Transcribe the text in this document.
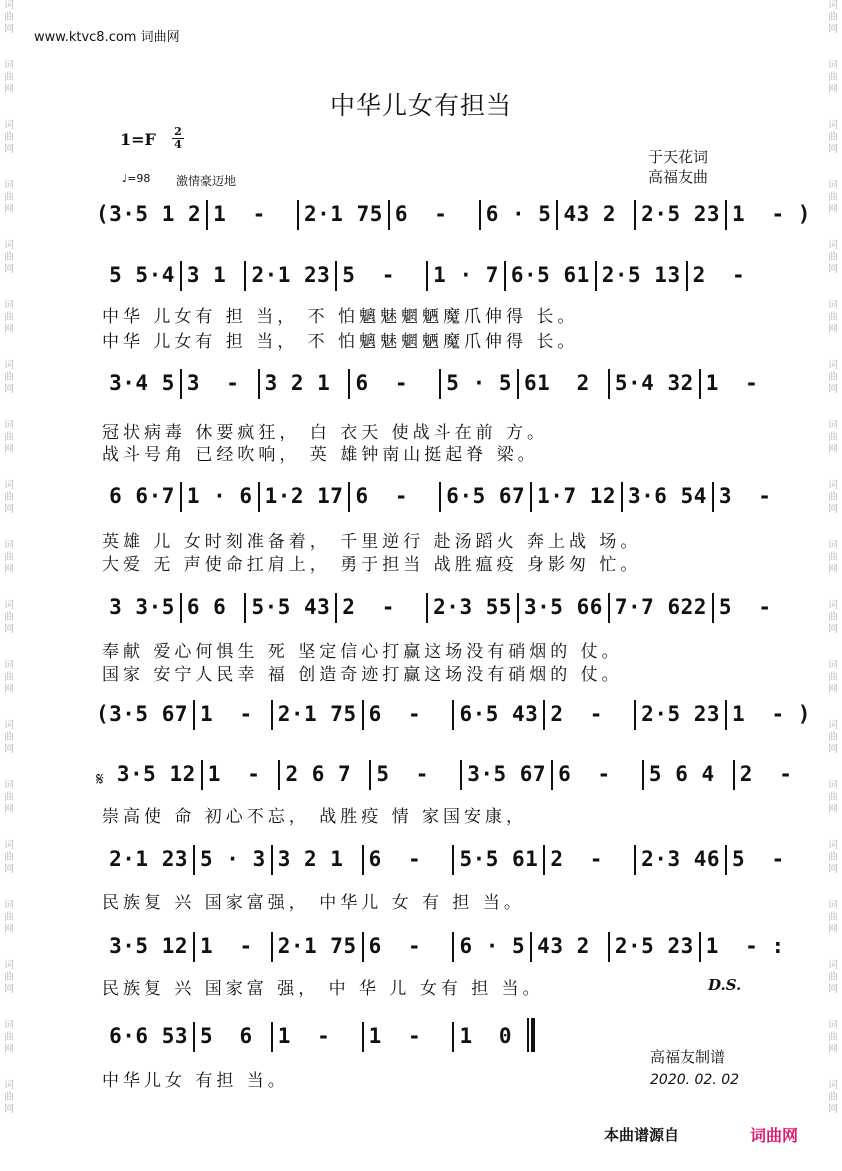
词
曲
网
词
曲
网
词
曲
网
词
曲
网
词
曲
网
词
曲
网
词
曲
网
词
曲
网
词
曲
网
词
曲
网
词
曲
网
词
曲
网
词
曲
网
词
曲
网
词
曲
网
词
曲
网
词
曲
网
词
曲
网
词
曲
网
词
曲
网
词
曲
网
词
曲
网
词
曲
网
词
曲
网
词
曲
网
词
曲
网
词
曲
网
词
曲
网
词
曲
网
词
曲
网
词
曲
网
词
曲
网
词
曲
网
词
曲
网
词
曲
网
词
曲
网
词
曲
网
词
曲
网
www.ktvc8.com 词曲网
中华儿女有担当
1=F 2
4
♩=98 激情豪迈地
于天花词
高福友曲
(3·5 1 2 1  -  2·1 75 6  -  6 · 5 43 2 2·5 23 1  - )
5 5·4 3 1 2·1 23 5  -  1 · 7 6·5 61 2·5 13 2  -
中华 儿女有 担 当， 不 怕魑魅魍魉魔爪伸得 长。
中华 儿女有 担 当， 不 怕魑魅魍魉魔爪伸得 长。
3·4 5 3  - 3 2 1 6  -  5 · 5 61  2 5·4 32 1  -
冠状病毒 休要疯狂， 白 衣天 使战斗在前 方。
战斗号角 已经吹响， 英 雄钟南山挺起脊 梁。
6 6·7 1 · 6 1·2 17 6  -  6·5 67 1·7 12 3·6 54 3  -
英雄 儿 女时刻准备着， 千里逆行 赴汤蹈火 奔上战 场。
大爱 无 声使命扛肩上， 勇于担当 战胜瘟疫 身影匆 忙。
3 3·5 6 6 5·5 43 2  -  2·3 55 3·5 66 7·7 622 5  -
奉献 爱心何惧生 死 坚定信心打赢这场没有硝烟的 仗。
国家 安宁人民幸 福 创造奇迹打赢这场没有硝烟的 仗。
(3·5 67 1  - 2·1 75 6  -  6·5 43 2  -  2·5 23 1  - )
𝄋 3·5 12 1  - 2 6 7 5  -  3·5 67 6  -  5 6 4 2  -
崇高使 命 初心不忘， 战胜疫 情 家国安康，
2·1 23 5 · 3 3 2 1 6  -  5·5 61 2  -  2·3 46 5  -
民族复 兴 国家富强， 中华儿 女 有 担 当。
3·5 12 1  - 2·1 75 6  -  6 · 5 43 2 2·5 23 1  - :
民族复 兴 国家富 强， 中 华 儿 女有 担 当。	D.S.
6·6 53 5  6 1  -  1  -  1  0
中华儿女 有担 当。
高福友制谱
2020. 02. 02
本曲谱源自	词曲网
